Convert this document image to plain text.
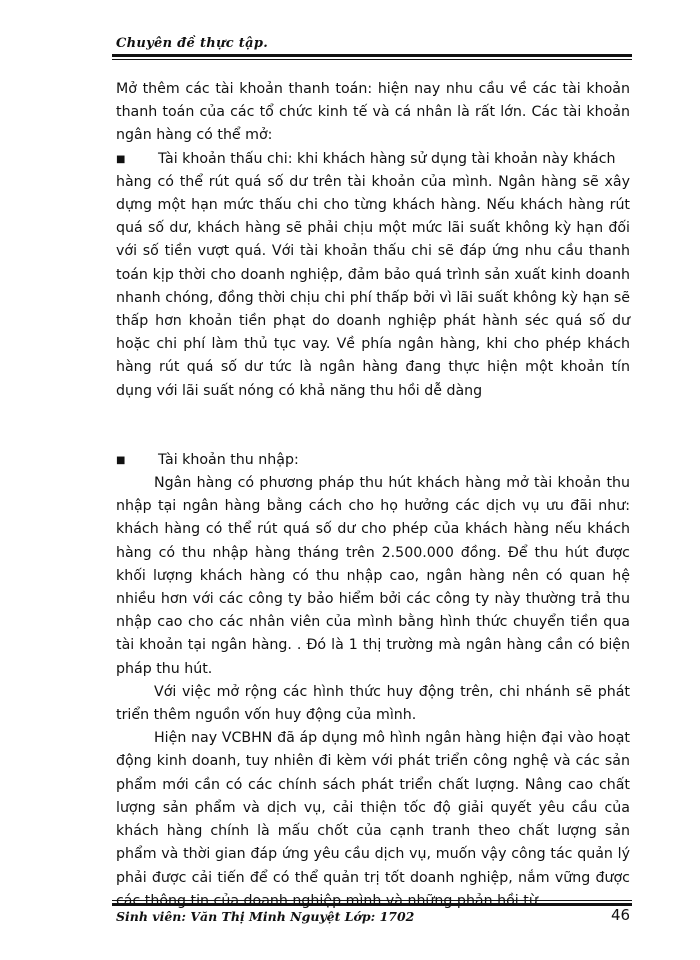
Chuyên đề thực tập.

Mở thêm các tài khoản thanh toán: hiện nay nhu cầu về các tài khoản thanh toán của các tổ chức kinh tế và cá nhân là rất lớn. Các tài khoản ngân hàng có thể mở:

■ Tài khoản thấu chi: khi khách hàng sử dụng tài khoản này khách

hàng có thể rút quá số dư trên tài khoản của mình. Ngân hàng sẽ xây dựng một hạn mức thấu chi cho từng khách hàng. Nếu khách hàng rút quá số dư, khách hàng sẽ phải chịu một mức lãi suất không kỳ hạn đối với số tiền vượt quá. Với tài khoản thấu chi sẽ đáp ứng nhu cầu thanh toán kịp thời cho doanh nghiệp, đảm bảo quá trình sản xuất kinh doanh nhanh chóng, đồng thời chịu chi phí thấp bởi vì lãi suất không kỳ hạn sẽ thấp hơn khoản tiền phạt do doanh nghiệp phát hành séc quá số dư hoặc chi phí làm thủ tục vay. Về phía ngân hàng, khi cho phép khách hàng rút quá số dư tức là ngân hàng đang thực hiện một khoản tín dụng với lãi suất nóng có khả năng thu hồi dễ dàng

■ Tài khoản thu nhập:

Ngân hàng có phương pháp thu hút khách hàng mở tài khoản thu nhập tại ngân hàng bằng cách cho họ hưởng các dịch vụ ưu đãi như: khách hàng có thể rút quá số dư cho phép của khách hàng nếu khách hàng có thu nhập hàng tháng trên 2.500.000 đồng. Để thu hút được khối lượng khách hàng có thu nhập cao, ngân hàng nên có quan hệ nhiều hơn với các công ty bảo hiểm bởi các công ty này thường trả thu nhập cao cho các nhân viên của mình bằng hình thức chuyển tiền qua tài khoản tại ngân hàng. . Đó là 1 thị trường mà ngân hàng cần có biện pháp thu hút.

Với việc mở rộng các hình thức huy động trên, chi nhánh sẽ phát triển thêm nguồn vốn huy động của mình.

Hiện nay VCBHN đã áp dụng mô hình ngân hàng hiện đại vào hoạt động kinh doanh, tuy nhiên đi kèm với phát triển công nghệ và các sản phẩm mới cần có các chính sách phát triển chất lượng. Nâng cao chất lượng sản phẩm và dịch vụ, cải thiện tốc độ giải quyết yêu cầu của khách hàng chính là mấu chốt của cạnh tranh theo chất lượng sản phẩm và thời gian đáp ứng yêu cầu dịch vụ, muốn vậy công tác quản lý phải được cải tiến để có thể quản trị tốt doanh nghiệp, nắm vững được

Sinh viên: Văn Thị Minh Nguyệt Lớp: 1702	46
